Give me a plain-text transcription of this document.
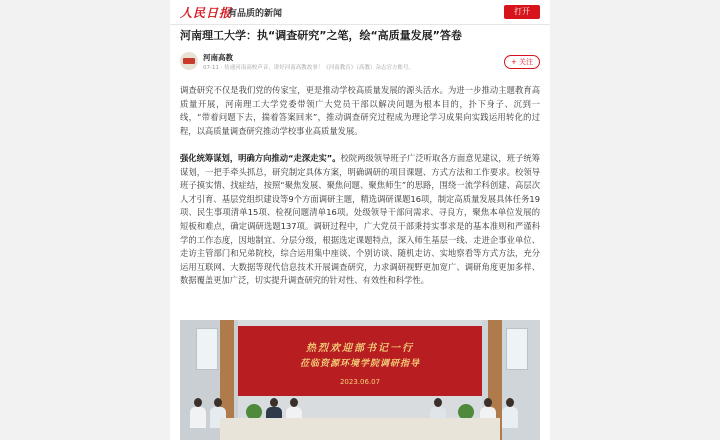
人民日报
有品质的新闻	打开
河南理工大学：执“调查研究”之笔，绘“高质量发展”答卷
河南高教
07-11 · 传递河南高校声音，讲好河南高教故事！《河南教育》（高教）杂志官方账号。
+ 关注

调查研究不仅是我们党的传家宝，更是推动学校高质量发展的源头活水。为进一步推动主题教育高质量开展，河南理工大学党委带领广大党员干部以解决问题为根本目的，扑下身子、沉到一线，“带着问题下去，揣着答案回来”，推动调查研究过程成为理论学习成果向实践运用转化的过程，以高质量调查研究推动学校事业高质量发展。

强化统筹谋划，明确方向推动“走深走实”。校院两级领导班子广泛听取各方面意见建议，班子统筹谋划，一把手牵头抓总，研究制定具体方案，明确调研的项目课题、方式方法和工作要求。校领导班子摸实情、找症结，按照“聚焦发展、聚焦问题、聚焦师生”的思路，围绕一流学科创建、高层次人才引育、基层党组织建设等9个方面调研主题，精选调研课题16项，制定高质量发展具体任务19项、民生事项清单15项、检视问题清单16项。处级领导干部问需求、寻良方，聚焦本单位发展的短板和难点，确定调研选题137项。调研过程中，广大党员干部秉持实事求是的基本准则和严谨科学的工作态度，因地制宜、分层分级，根据选定课题特点，深入师生基层一线、走进企事业单位、走访主管部门和兄弟院校，综合运用集中座谈、个别访谈、随机走访、实地察看等方式方法，充分运用互联网、大数据等现代信息技术开展调查研究，力求调研视野更加宽广、调研角度更加多样、数据覆盖更加广泛，切实提升调查研究的针对性、有效性和科学性。

热烈欢迎部书记一行
莅临资源环境学院调研指导
2023.06.07
